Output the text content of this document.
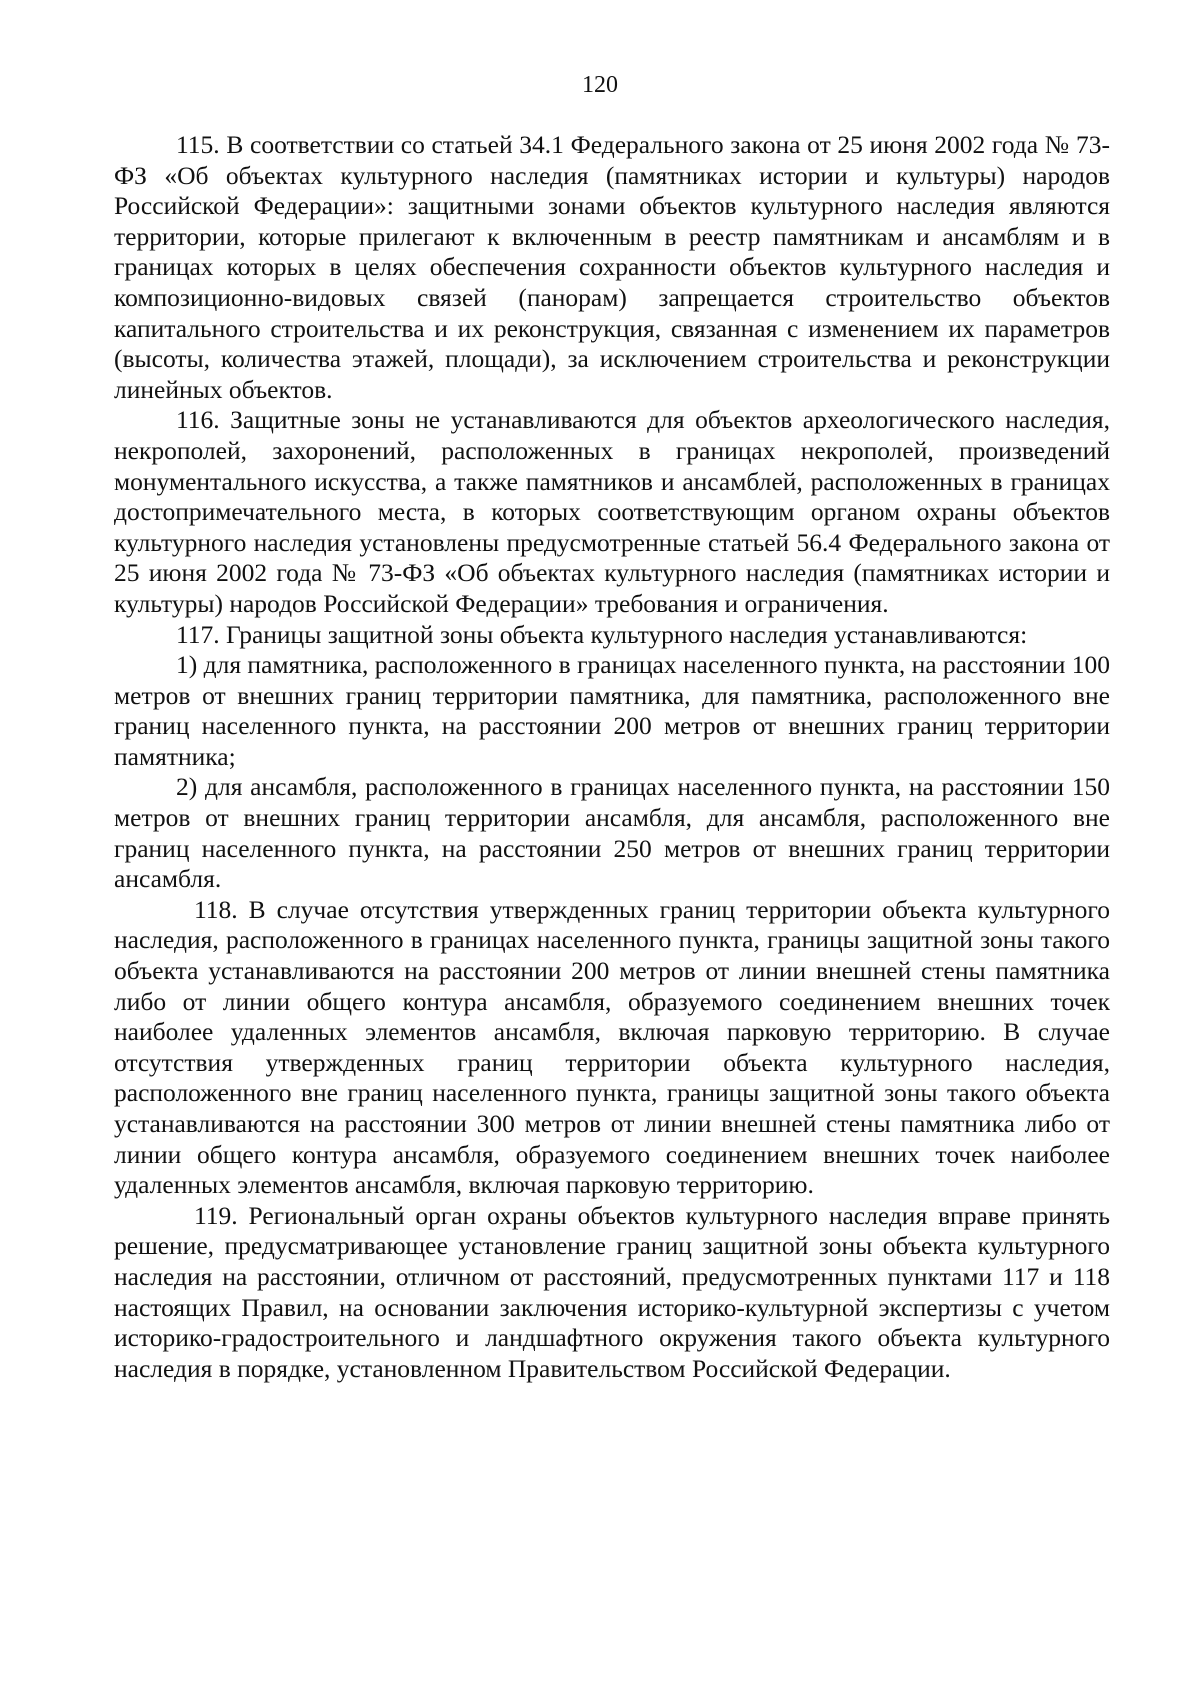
120

115. В соответствии со статьей 34.1 Федерального закона от 25 июня 2002 года № 73-ФЗ «Об объектах культурного наследия (памятниках истории и культуры) народов Российской Федерации»: защитными зонами объектов культурного наследия являются территории, которые прилегают к включенным в реестр памятникам и ансамблям и в границах которых в целях обеспечения сохранности объектов культурного наследия и композиционно-видовых связей (панорам) запрещается строительство объектов капитального строительства и их реконструкция, связанная с изменением их параметров (высоты, количества этажей, площади), за исключением строительства и реконструкции линейных объектов.

116. Защитные зоны не устанавливаются для объектов археологического наследия, некрополей, захоронений, расположенных в границах некрополей, произведений монументального искусства, а также памятников и ансамблей, расположенных в границах достопримечательного места, в которых соответствующим органом охраны объектов культурного наследия установлены предусмотренные статьей 56.4 Федерального закона от 25 июня 2002 года № 73-ФЗ «Об объектах культурного наследия (памятниках истории и культуры) народов Российской Федерации» требования и ограничения.

117. Границы защитной зоны объекта культурного наследия устанавливаются:

1) для памятника, расположенного в границах населенного пункта, на расстоянии 100 метров от внешних границ территории памятника, для памятника, расположенного вне границ населенного пункта, на расстоянии 200 метров от внешних границ территории памятника;

2) для ансамбля, расположенного в границах населенного пункта, на расстоянии 150 метров от внешних границ территории ансамбля, для ансамбля, расположенного вне границ населенного пункта, на расстоянии 250 метров от внешних границ территории ансамбля.

118. В случае отсутствия утвержденных границ территории объекта культурного наследия, расположенного в границах населенного пункта, границы защитной зоны такого объекта устанавливаются на расстоянии 200 метров от линии внешней стены памятника либо от линии общего контура ансамбля, образуемого соединением внешних точек наиболее удаленных элементов ансамбля, включая парковую территорию. В случае отсутствия утвержденных границ территории объекта культурного наследия, расположенного вне границ населенного пункта, границы защитной зоны такого объекта устанавливаются на расстоянии 300 метров от линии внешней стены памятника либо от линии общего контура ансамбля, образуемого соединением внешних точек наиболее удаленных элементов ансамбля, включая парковую территорию.

119. Региональный орган охраны объектов культурного наследия вправе принять решение, предусматривающее установление границ защитной зоны объекта культурного наследия на расстоянии, отличном от расстояний, предусмотренных пунктами 117 и 118 настоящих Правил, на основании заключения историко-культурной экспертизы с учетом историко-градостроительного и ландшафтного окружения такого объекта культурного наследия в порядке, установленном Правительством Российской Федерации.
